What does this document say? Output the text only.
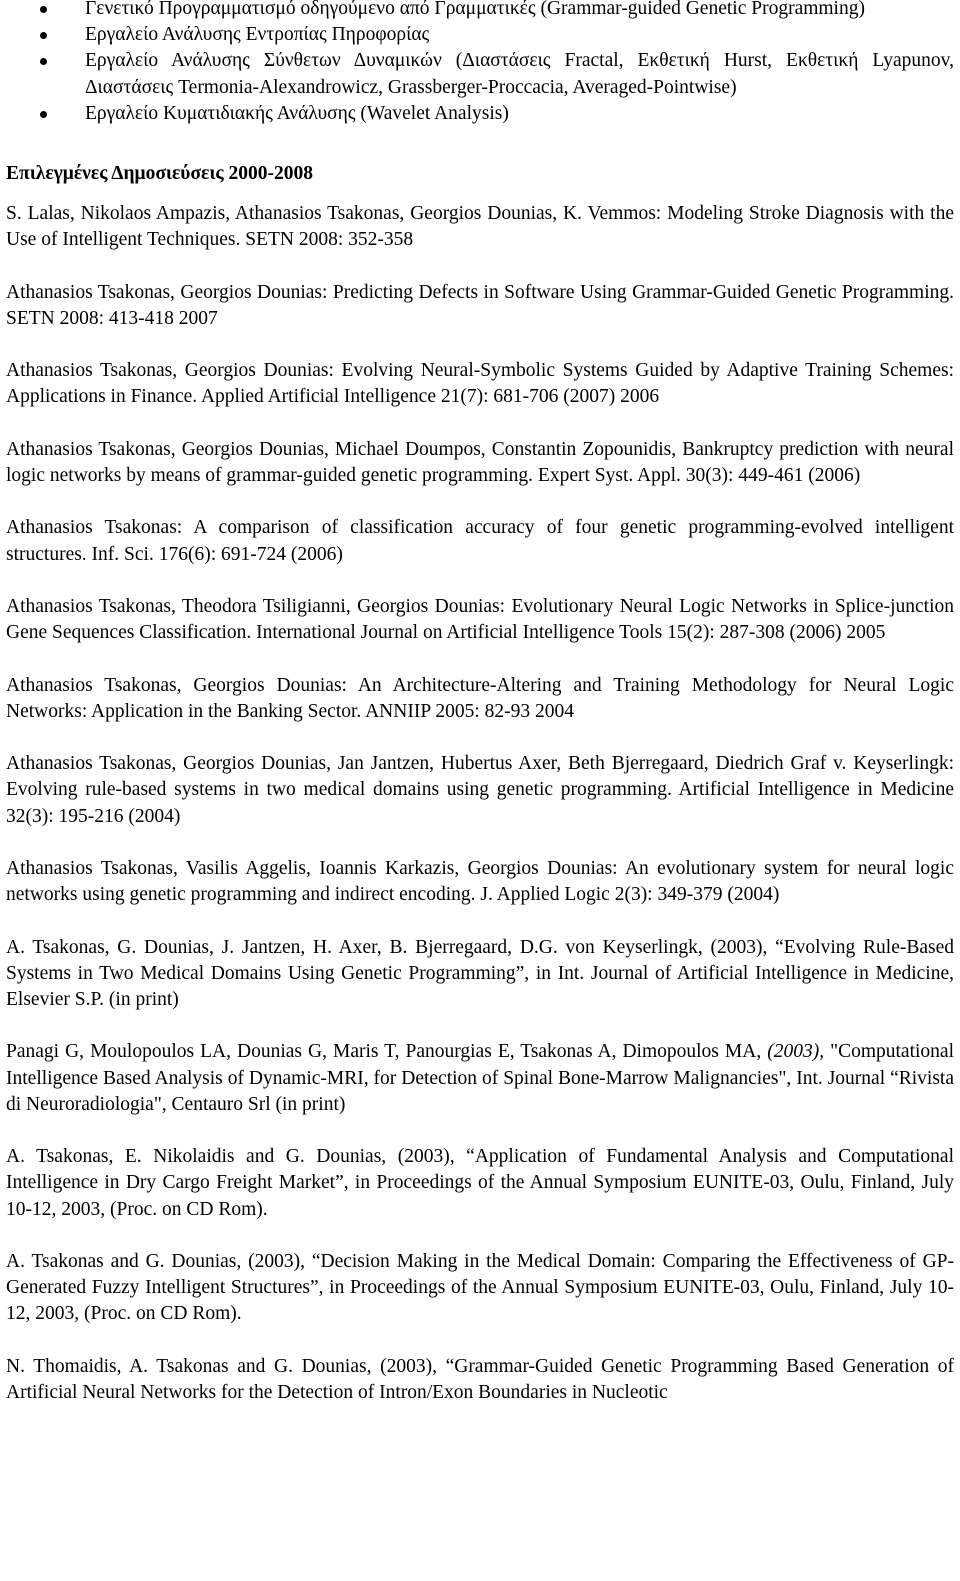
Γενετικό Προγραμματισμό οδηγούμενο από Γραμματικές (Grammar-guided Genetic Programming)
Εργαλείο Ανάλυσης Εντροπίας Πηροφορίας
Εργαλείο Ανάλυσης Σύνθετων Δυναμικών (Διαστάσεις Fractal, Εκθετική Hurst, Εκθετική Lyapunov, Διαστάσεις Termonia-Alexandrowicz, Grassberger-Proccacia, Averaged-Pointwise)
Εργαλείο Κυματιδιακής Ανάλυσης (Wavelet Analysis)
Επιλεγμένες Δημοσιεύσεις 2000-2008

S. Lalas, Nikolaos Ampazis, Athanasios Tsakonas, Georgios Dounias, K. Vemmos: Modeling Stroke Diagnosis with the Use of Intelligent Techniques. SETN 2008: 352-358

Athanasios Tsakonas, Georgios Dounias: Predicting Defects in Software Using Grammar-Guided Genetic Programming. SETN 2008: 413-418 2007

Athanasios Tsakonas, Georgios Dounias: Evolving Neural-Symbolic Systems Guided by Adaptive Training Schemes: Applications in Finance. Applied Artificial Intelligence 21(7): 681-706 (2007) 2006

Athanasios Tsakonas, Georgios Dounias, Michael Doumpos, Constantin Zopounidis, Bankruptcy prediction with neural logic networks by means of grammar-guided genetic programming. Expert Syst. Appl. 30(3): 449-461 (2006)

Athanasios Tsakonas: A comparison of classification accuracy of four genetic programming-evolved intelligent structures. Inf. Sci. 176(6): 691-724 (2006)

Athanasios Tsakonas, Theodora Tsiligianni, Georgios Dounias: Evolutionary Neural Logic Networks in Splice-junction Gene Sequences Classification. International Journal on Artificial Intelligence Tools 15(2): 287-308 (2006) 2005

Athanasios Tsakonas, Georgios Dounias: An Architecture-Altering and Training Methodology for Neural Logic Networks: Application in the Banking Sector. ANNIIP 2005: 82-93 2004

Athanasios Tsakonas, Georgios Dounias, Jan Jantzen, Hubertus Axer, Beth Bjerregaard, Diedrich Graf v. Keyserlingk: Evolving rule-based systems in two medical domains using genetic programming. Artificial Intelligence in Medicine 32(3): 195-216 (2004)

Athanasios Tsakonas, Vasilis Aggelis, Ioannis Karkazis, Georgios Dounias: An evolutionary system for neural logic networks using genetic programming and indirect encoding. J. Applied Logic 2(3): 349-379 (2004)

A. Tsakonas, G. Dounias, J. Jantzen, H. Axer, B. Bjerregaard, D.G. von Keyserlingk, (2003), “Evolving Rule-Based Systems in Two Medical Domains Using Genetic Programming”, in Int. Journal of Artificial Intelligence in Medicine, Elsevier S.P. (in print)

Panagi G, Moulopoulos LA, Dounias G, Maris T, Panourgias E, Tsakonas A, Dimopoulos MA, (2003), "Computational Intelligence Based Analysis of Dynamic-MRI, for Detection of Spinal Bone-Marrow Malignancies", Int. Journal “Rivista di Neuroradiologia", Centauro Srl (in print)

A. Tsakonas, E. Nikolaidis and G. Dounias, (2003), “Application of Fundamental Analysis and Computational Intelligence in Dry Cargo Freight Market”, in Proceedings of the Annual Symposium EUNITE-03, Oulu, Finland, July 10-12, 2003, (Proc. on CD Rom).

A. Tsakonas and G. Dounias, (2003), “Decision Making in the Medical Domain: Comparing the Effectiveness of GP-Generated Fuzzy Intelligent Structures”, in Proceedings of the Annual Symposium EUNITE-03, Oulu, Finland, July 10-12, 2003, (Proc. on CD Rom).

N. Thomaidis, A. Tsakonas and G. Dounias, (2003), “Grammar-Guided Genetic Programming Based Generation of Artificial Neural Networks for the Detection of Intron/Exon Boundaries in Nucleotic
